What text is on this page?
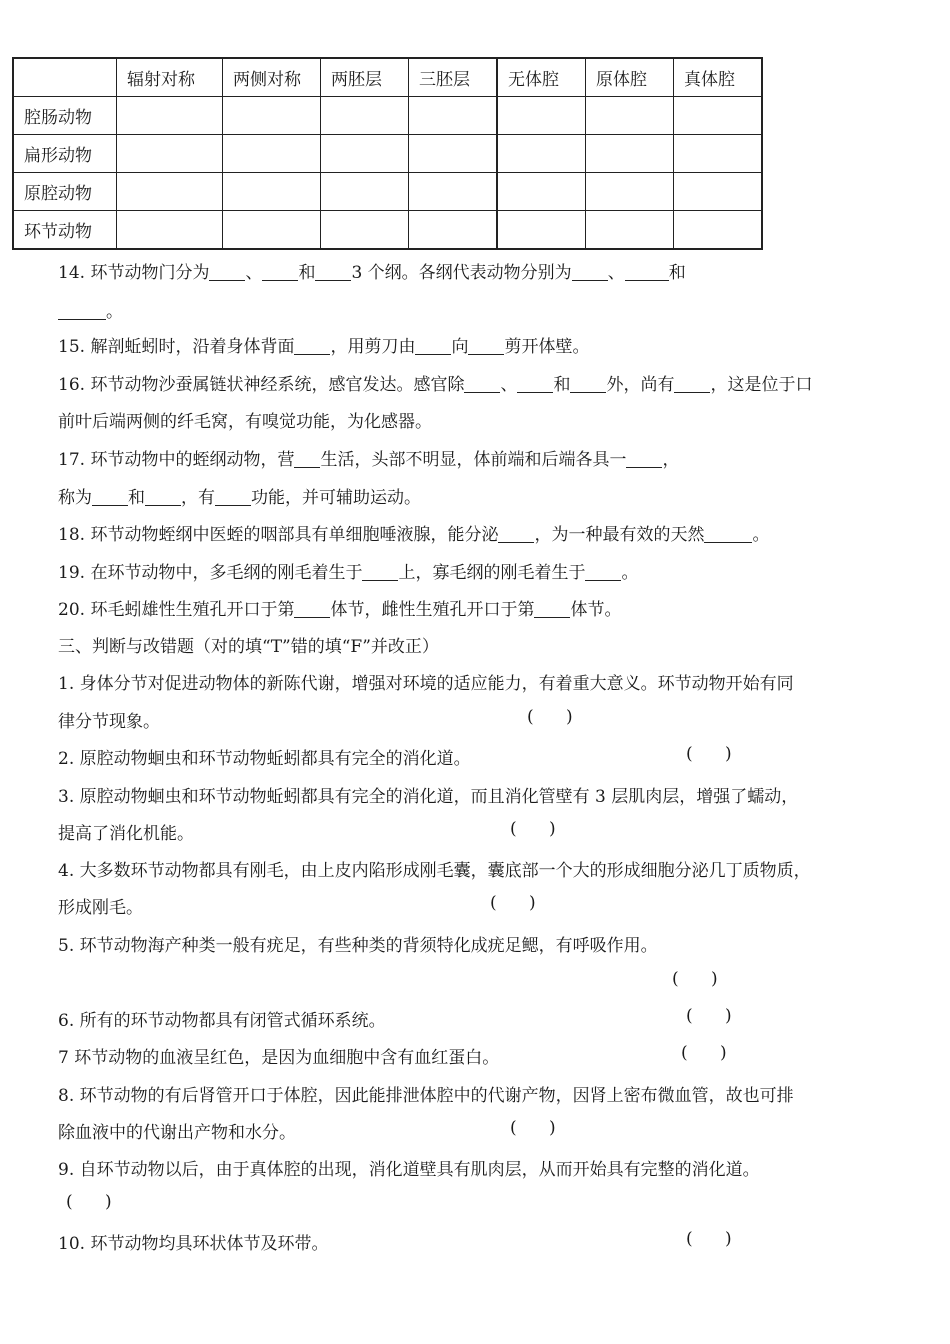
	辐射对称	两侧对称	两胚层	三胚层	无体腔	原体腔	真体腔
腔肠动物							
扁形动物							
原腔动物							
环节动物							
14. 环节动物门分为 、 和 3 个纲。各纲代表动物分别为 、	和
。
15. 解剖蚯蚓时，沿着身体背面 ，用剪刀由 向 剪开体壁。
16. 环节动物沙蚕属链状神经系统，感官发达。感官除 、 和 外，尚有 ，这是位于口
前叶后端两侧的纤毛窝，有嗅觉功能，为化感器。
17. 环节动物中的蛭纲动物，营 生活，头部不明显，体前端和后端各具一 ，
称为 和 ，有 功能，并可辅助运动。
18. 环节动物蛭纲中医蛭的咽部具有单细胞唾液腺，能分泌 ，为一种最有效的天然	。
19. 在环节动物中，多毛纲的刚毛着生于 上，寡毛纲的刚毛着生于 。
20. 环毛蚓雄性生殖孔开口于第 体节，雌性生殖孔开口于第 体节。
三、判断与改错题（对的填“T”错的填“F”并改正）
1. 身体分节对促进动物体的新陈代谢，增强对环境的适应能力，有着重大意义。环节动物开始有同
律分节现象。	(      )
2. 原腔动物蛔虫和环节动物蚯蚓都具有完全的消化道。	(      )
3. 原腔动物蛔虫和环节动物蚯蚓都具有完全的消化道，而且消化管壁有 3 层肌肉层，增强了蠕动，
提高了消化机能。	(      )
4. 大多数环节动物都具有刚毛，由上皮内陷形成刚毛囊，囊底部一个大的形成细胞分泌几丁质物质，
形成刚毛。	(      )
5. 环节动物海产种类一般有疣足，有些种类的背须特化成疣足鳃，有呼吸作用。
(      )
6. 所有的环节动物都具有闭管式循环系统。	(      )
7 环节动物的血液呈红色，是因为血细胞中含有血红蛋白。	(      )
8. 环节动物的有后肾管开口于体腔，因此能排泄体腔中的代谢产物，因肾上密布微血管，故也可排
除血液中的代谢出产物和水分。	(      )
9. 自环节动物以后，由于真体腔的出现，消化道壁具有肌肉层，从而开始具有完整的消化道。
(      )
10. 环节动物均具环状体节及环带。	(      )
